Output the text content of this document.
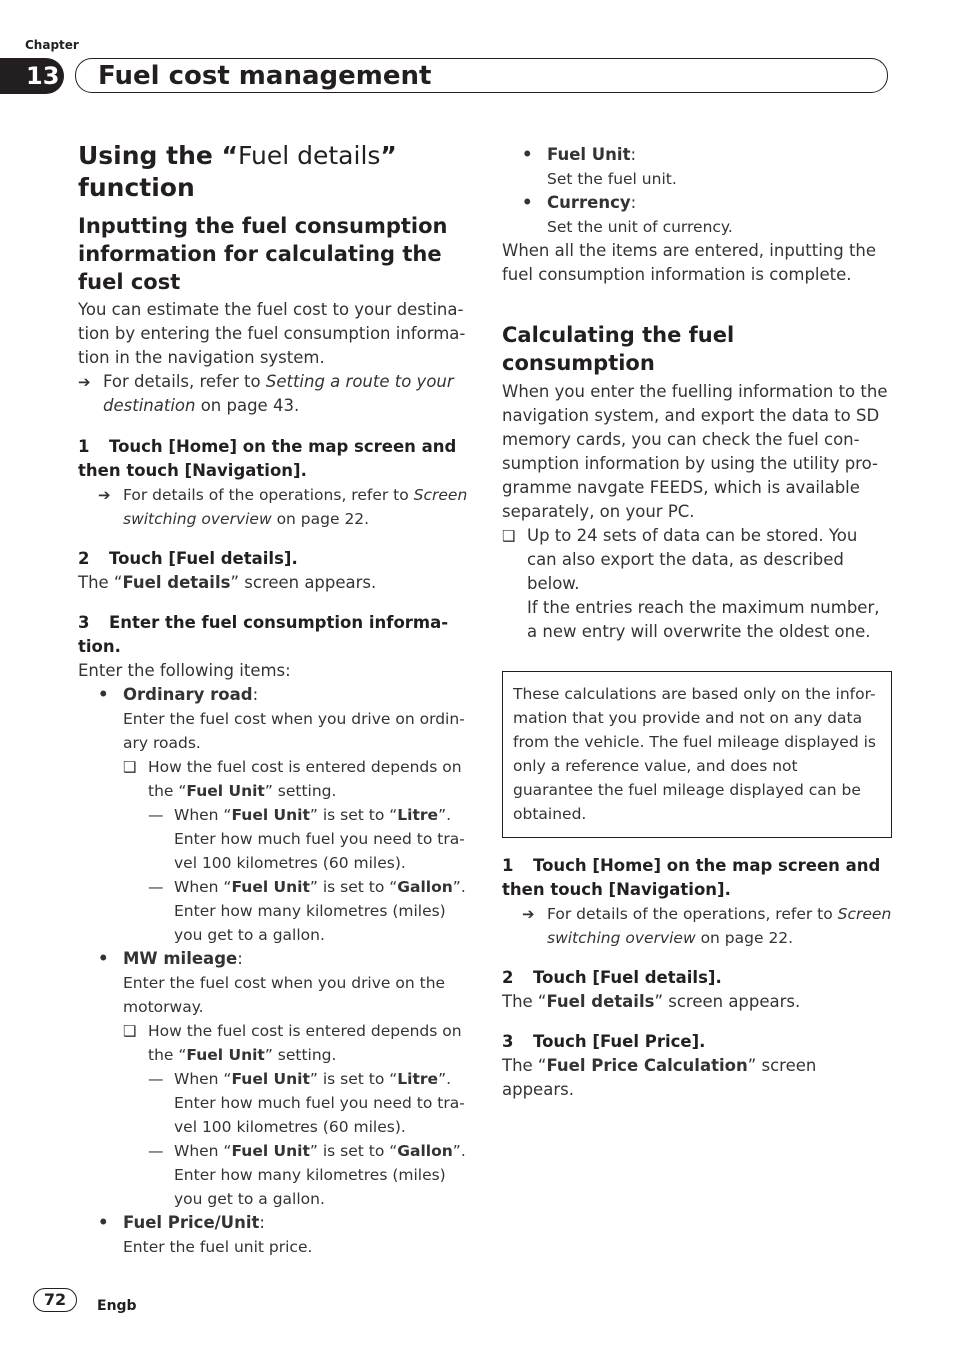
Chapter
13 Fuel cost management
Using the “Fuel details”
function
Inputting the fuel consumption information for calculating the fuel cost

You can estimate the fuel cost to your destina-tion by entering the fuel consumption informa-tion in the navigation system.

➔ For details, refer to Setting a route to your destination on page 43.

1 Touch [Home] on the map screen and then touch [Navigation].

➔ For details of the operations, refer to Screen switching overview on page 22.

2 Touch [Fuel details].

The “Fuel details” screen appears.

3 Enter the fuel consumption informa-tion.

Enter the following items:

• Ordinary road:

Enter the fuel cost when you drive on ordin-ary roads.

❑ How the fuel cost is entered depends on the “Fuel Unit” setting.

— When “Fuel Unit” is set to “Litre”.
Enter how much fuel you need to tra-vel 100 kilometres (60 miles).

— When “Fuel Unit” is set to “Gallon”.
Enter how many kilometres (miles) you get to a gallon.

• MW mileage:

Enter the fuel cost when you drive on the motorway.

❑ How the fuel cost is entered depends on the “Fuel Unit” setting.

— When “Fuel Unit” is set to “Litre”.
Enter how much fuel you need to tra-vel 100 kilometres (60 miles).

— When “Fuel Unit” is set to “Gallon”.
Enter how many kilometres (miles) you get to a gallon.

• Fuel Price/Unit:

Enter the fuel unit price.

• Fuel Unit:

Set the fuel unit.

• Currency:

Set the unit of currency.

When all the items are entered, inputting the fuel consumption information is complete.

Calculating the fuel consumption

When you enter the fuelling information to the navigation system, and export the data to SD memory cards, you can check the fuel con-sumption information by using the utility pro-gramme navgate FEEDS, which is available separately, on your PC.

❑ Up to 24 sets of data can be stored. You can also export the data, as described below.
If the entries reach the maximum number, a new entry will overwrite the oldest one.

These calculations are based only on the infor-mation that you provide and not on any data from the vehicle. The fuel mileage displayed is only a reference value, and does not guarantee the fuel mileage displayed can be obtained.

1 Touch [Home] on the map screen and then touch [Navigation].

➔ For details of the operations, refer to Screen switching overview on page 22.

2 Touch [Fuel details].

The “Fuel details” screen appears.

3 Touch [Fuel Price].

The “Fuel Price Calculation” screen appears.

72	Engb
